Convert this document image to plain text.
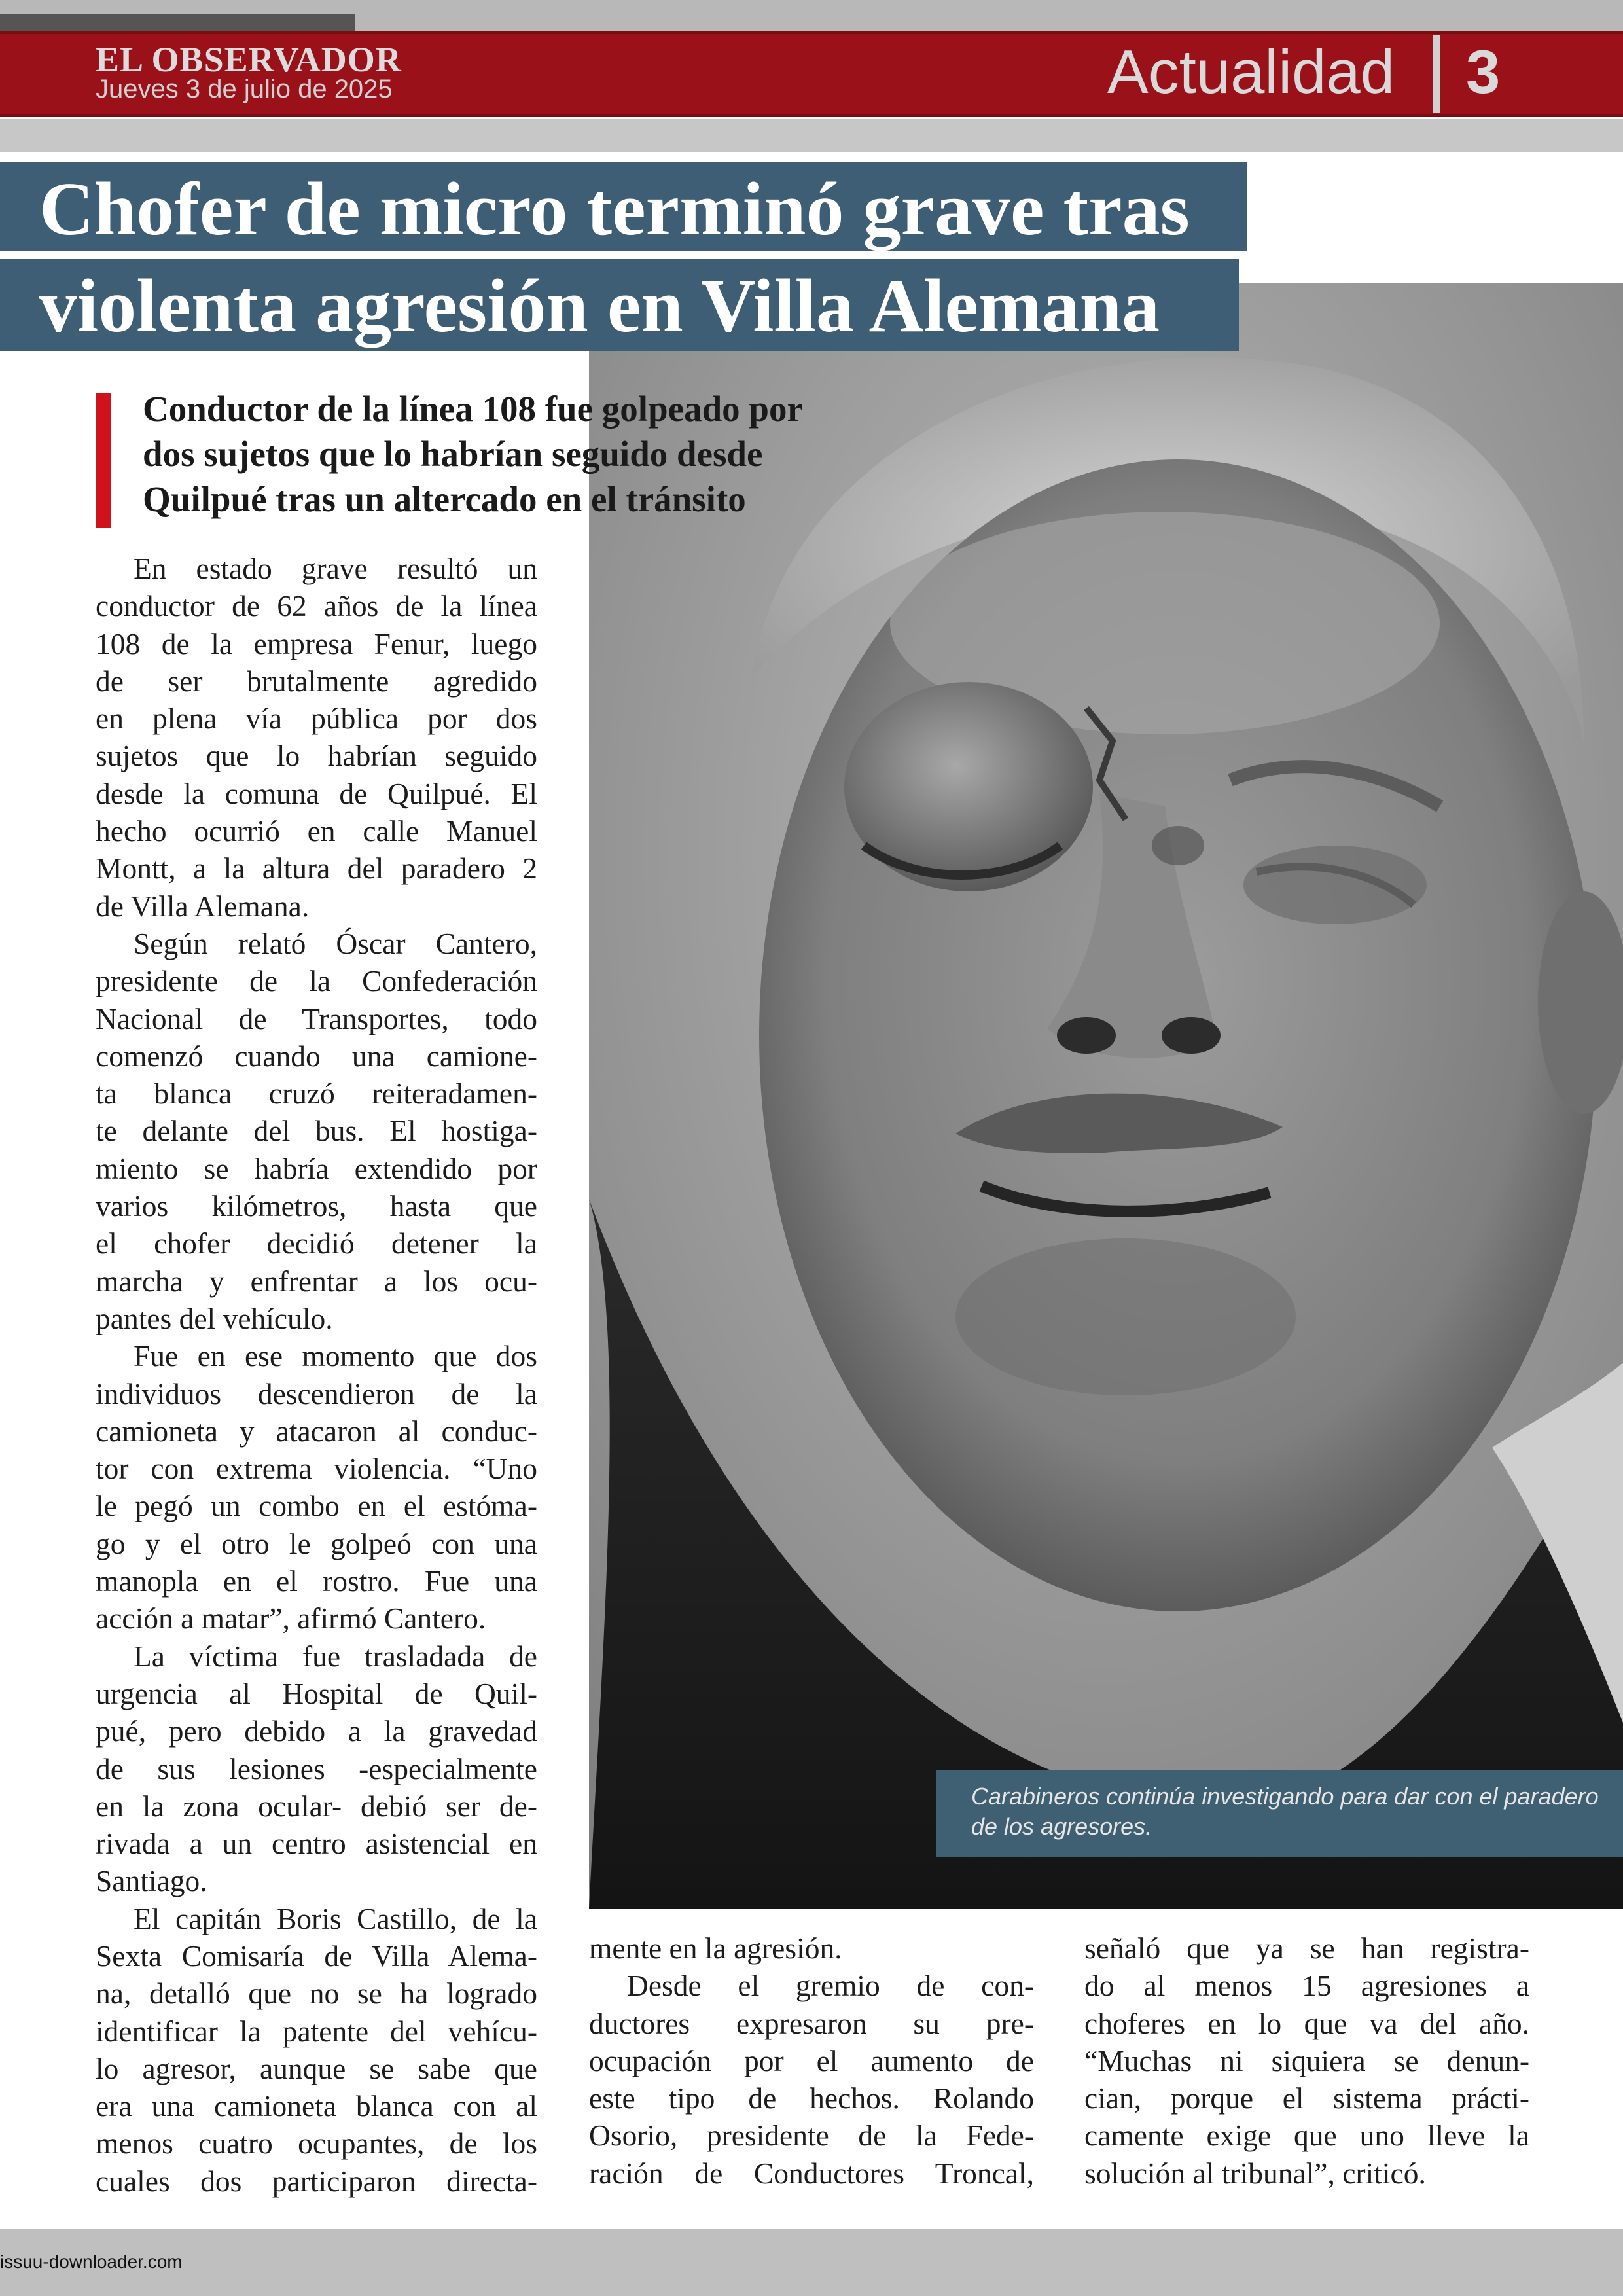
EL OBSERVADOR
Jueves 3 de julio de 2025	Actualidad 3
Chofer de micro terminó grave tras
violenta agresión en Villa Alemana
Conductor de la línea 108 fue golpeado por
dos sujetos que lo habrían seguido desde
Quilpué tras un altercado en el tránsito
En estado grave resultó un
conductor de 62 años de la línea
108 de la empresa Fenur, luego
de ser brutalmente agredido
en plena vía pública por dos
sujetos que lo habrían seguido
desde la comuna de Quilpué. El
hecho ocurrió en calle Manuel
Montt, a la altura del paradero 2
de Villa Alemana.
Según relató Óscar Cantero,
presidente de la Confederación
Nacional de Transportes, todo
comenzó cuando una camione-
ta blanca cruzó reiteradamen-
te delante del bus. El hostiga-
miento se habría extendido por
varios kilómetros, hasta que
el chofer decidió detener la
marcha y enfrentar a los ocu-
pantes del vehículo.
Fue en ese momento que dos
individuos descendieron de la
camioneta y atacaron al conduc-
tor con extrema violencia. “Uno
le pegó un combo en el estóma-
go y el otro le golpeó con una
manopla en el rostro. Fue una
acción a matar”, afirmó Cantero.
La víctima fue trasladada de
urgencia al Hospital de Quil-
pué, pero debido a la gravedad
de sus lesiones -especialmente
en la zona ocular- debió ser de-
rivada a un centro asistencial en
Santiago.
El capitán Boris Castillo, de la
Sexta Comisaría de Villa Alema-
na, detalló que no se ha logrado
identificar la patente del vehícu-
lo agresor, aunque se sabe que
era una camioneta blanca con al
menos cuatro ocupantes, de los
cuales dos participaron directa-
mente en la agresión.
Desde el gremio de con-
ductores expresaron su pre-
ocupación por el aumento de
este tipo de hechos. Rolando
Osorio, presidente de la Fede-
ración de Conductores Troncal,
señaló que ya se han registra-
do al menos 15 agresiones a
choferes en lo que va del año.
“Muchas ni siquiera se denun-
cian, porque el sistema prácti-
camente exige que uno lleve la
solución al tribunal”, criticó.
Carabineros continúa investigando para dar con el paradero de los agresores.
issuu-downloader.com
